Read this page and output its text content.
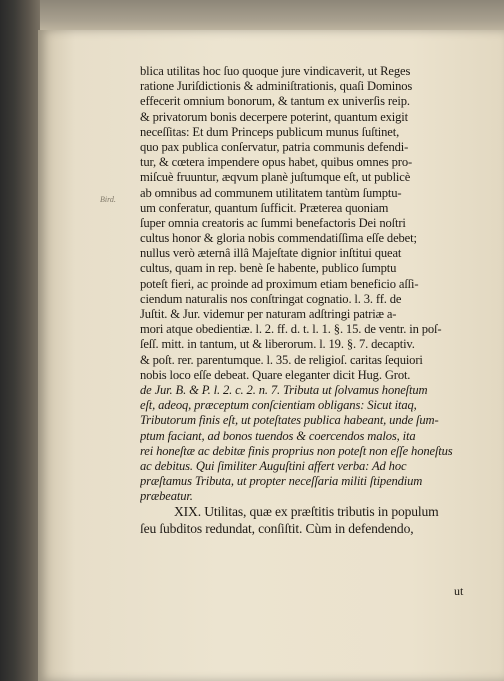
Bird.
blica utilitas hoc ſuo quoque jure vindicaverit, ut Reges
ratione Juriſdictionis & adminiſtrationis, quaſi Dominos
effecerit omnium bonorum, & tantum ex univerſis reip.
& privatorum bonis decerpere poterint, quantum exigit
neceſſitas: Et dum Princeps publicum munus ſuſtinet,
quo pax publica conſervatur, patria communis defendi-
tur, & cœtera impendere opus habet, quibus omnes pro-
miſcuè fruuntur, æqvum planè juſtumque eſt, ut publicè
ab omnibus ad communem utilitatem tantùm ſumptu-
um conferatur, quantum ſufficit. Præterea quoniam
ſuper omnia creatoris ac ſummi benefactoris Dei noſtri
cultus honor & gloria nobis commendatiſſima eſſe debet;
nullus verò æternâ illâ Majeſtate dignior inſtitui queat
cultus, quam in rep. benè ſe habente, publico ſumptu
poteſt fieri, ac proinde ad proximum etiam beneficio aſſi-
ciendum naturalis nos conſtringat cognatio. l. 3. ff. de
Juſtit. & Jur. videmur per naturam adſtringi patriæ a-
mori atque obedientiæ. l. 2. ff. d. t. l. 1. §. 15. de ventr. in poſ-
ſeſſ. mitt. in tantum, ut & liberorum. l. 19. §. 7. decaptiv.
& poſt. rer. parentumque. l. 35. de religioſ. caritas ſequiori
nobis loco eſſe debeat. Quare eleganter dicit Hug. Grot.
de Jur. B. & P. l. 2. c. 2. n. 7. Tributa ut ſolvamus honeſtum
eſt, adeoq, præceptum conſcientiam obligans: Sicut itaq,
Tributorum finis eſt, ut poteſtates publica habeant, unde ſum-
ptum faciant, ad bonos tuendos & coercendos malos, ita
rei honeſtæ ac debitæ finis proprius non poteſt non eſſe honeſtus
ac debitus. Qui ſimiliter Auguſtini affert verba: Ad hoc
præſtamus Tributa, ut propter neceſſaria militi ſtipendium
præbeatur.
XIX. Utilitas, quæ ex præſtitis tributis in populum
ſeu ſubditos redundat, conſiſtit. Cùm in defendendo,
ut
